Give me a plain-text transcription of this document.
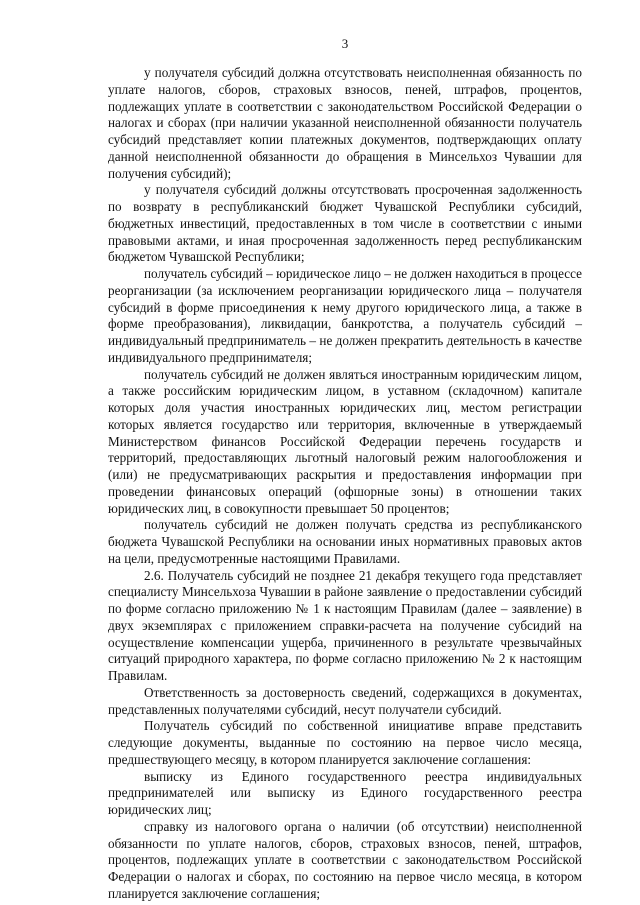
3

у получателя субсидий должна отсутствовать неисполненная обязанность по уплате налогов, сборов, страховых взносов, пеней, штрафов, процентов, подлежащих уплате в соответствии с законодательством Российской Федерации о налогах и сборах (при наличии указанной неисполненной обязанности получатель субсидий представляет копии платежных документов, подтверждающих оплату данной неисполненной обязанности до обращения в Минсельхоз Чувашии для получения субсидий);

у получателя субсидий должны отсутствовать просроченная задолженность по возврату в республиканский бюджет Чувашской Республики субсидий, бюджетных инвестиций, предоставленных в том числе в соответствии с иными правовыми актами, и иная просроченная задолженность перед республиканским бюджетом Чувашской Республики;

получатель субсидий – юридическое лицо – не должен находиться в процессе реорганизации (за исключением реорганизации юридического лица – получателя субсидий в форме присоединения к нему другого юридического лица, а также в форме преобразования), ликвидации, банкротства, а получатель субсидий – индивидуальный предприниматель – не должен прекратить деятельность в качестве индивидуального предпринимателя;

получатель субсидий не должен являться иностранным юридическим лицом, а также российским юридическим лицом, в уставном (складочном) капитале которых доля участия иностранных юридических лиц, местом регистрации которых является государство или территория, включенные в утверждаемый Министерством финансов Российской Федерации перечень государств и территорий, предоставляющих льготный налоговый режим налогообложения и (или) не предусматривающих раскрытия и предоставления информации при проведении финансовых операций (офшорные зоны) в отношении таких юридических лиц, в совокупности превышает 50 процентов;

получатель субсидий не должен получать средства из республиканского бюджета Чувашской Республики на основании иных нормативных правовых актов на цели, предусмотренные настоящими Правилами.

2.6. Получатель субсидий не позднее 21 декабря текущего года представляет специалисту Минсельхоза Чувашии в районе заявление о предоставлении субсидий по форме согласно приложению № 1 к настоящим Правилам (далее – заявление) в двух экземплярах с приложением справки-расчета на получение субсидий на осуществление компенсации ущерба, причиненного в результате чрезвычайных ситуаций природного характера, по форме согласно приложению № 2 к настоящим Правилам.

Ответственность за достоверность сведений, содержащихся в документах, представленных получателями субсидий, несут получатели субсидий.

Получатель субсидий по собственной инициативе вправе представить следующие документы, выданные по состоянию на первое число месяца, предшествующего месяцу, в котором планируется заключение соглашения:

выписку из Единого государственного реестра индивидуальных предпринимателей или выписку из Единого государственного реестра юридических лиц;

справку из налогового органа о наличии (об отсутствии) неисполненной обязанности по уплате налогов, сборов, страховых взносов, пеней, штрафов, процентов, подлежащих уплате в соответствии с законодательством Российской Федерации о налогах и сборах, по состоянию на первое число месяца, в котором планируется заключение соглашения;
